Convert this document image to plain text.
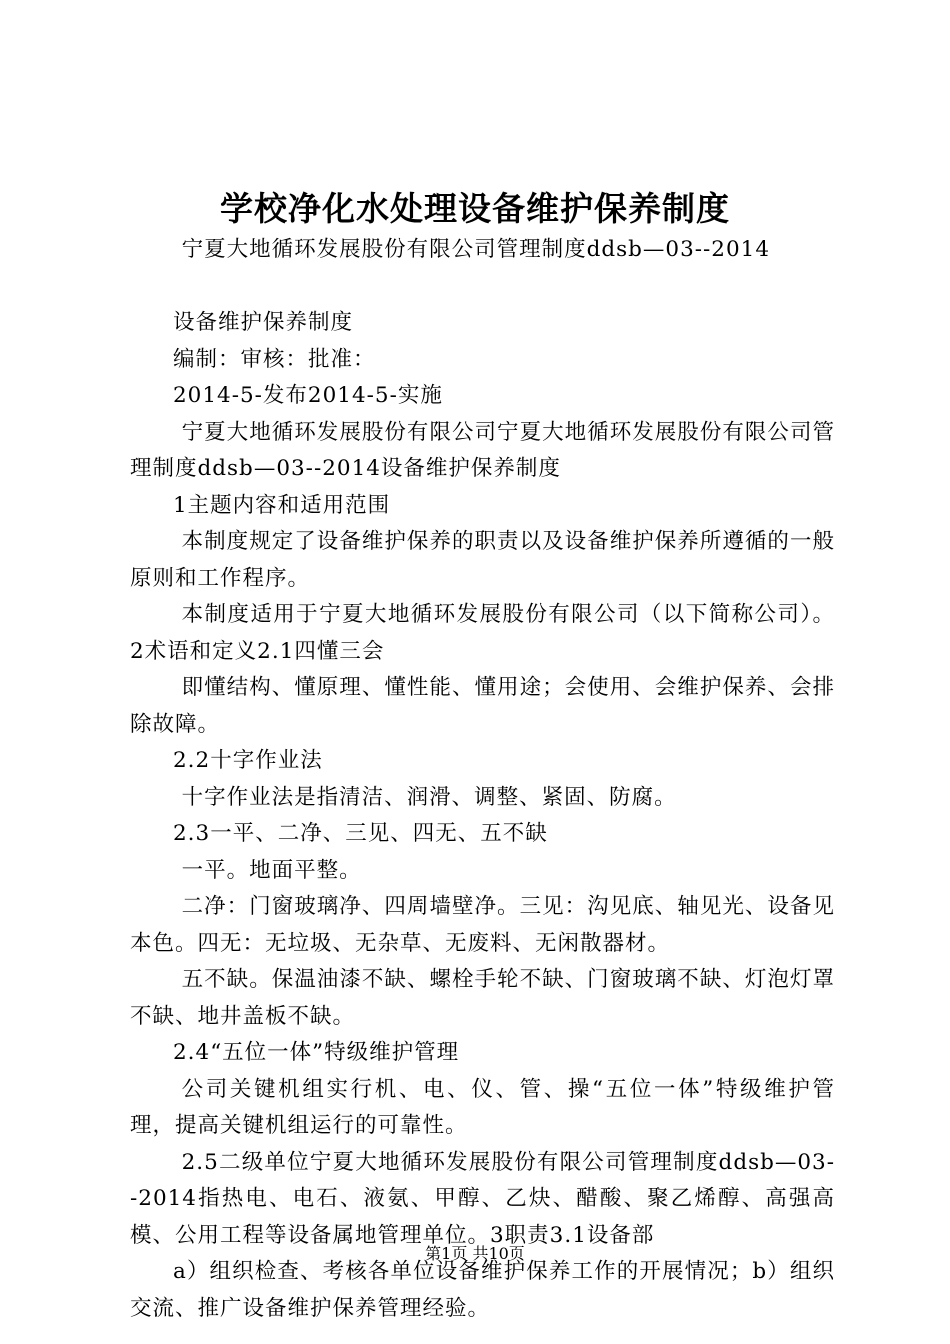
学校净化水处理设备维护保养制度

宁夏大地循环发展股份有限公司管理制度ddsb—03--2014

设备维护保养制度

编制：审核：批准：

2014-5-发布2014-5-实施

宁夏大地循环发展股份有限公司宁夏大地循环发展股份有限公司管理制度ddsb—03--2014设备维护保养制度

1主题内容和适用范围

本制度规定了设备维护保养的职责以及设备维护保养所遵循的一般原则和工作程序。

本制度适用于宁夏大地循环发展股份有限公司（以下简称公司）。2术语和定义2.1四懂三会

即懂结构、懂原理、懂性能、懂用途；会使用、会维护保养、会排除故障。

2.2十字作业法

十字作业法是指清洁、润滑、调整、紧固、防腐。

2.3一平、二净、三见、四无、五不缺

一平。地面平整。

二净：门窗玻璃净、四周墙壁净。三见：沟见底、轴见光、设备见本色。四无：无垃圾、无杂草、无废料、无闲散器材。

五不缺。保温油漆不缺、螺栓手轮不缺、门窗玻璃不缺、灯泡灯罩不缺、地井盖板不缺。

2.4“五位一体”特级维护管理

公司关键机组实行机、电、仪、管、操“五位一体”特级维护管理，提高关键机组运行的可靠性。

2.5二级单位宁夏大地循环发展股份有限公司管理制度ddsb—03--2014指热电、电石、液氨、甲醇、乙炔、醋酸、聚乙烯醇、高强高模、公用工程等设备属地管理单位。3职责3.1设备部

a）组织检查、考核各单位设备维护保养工作的开展情况；b）组织交流、推广设备维护保养管理经验。

第1页 共10页
